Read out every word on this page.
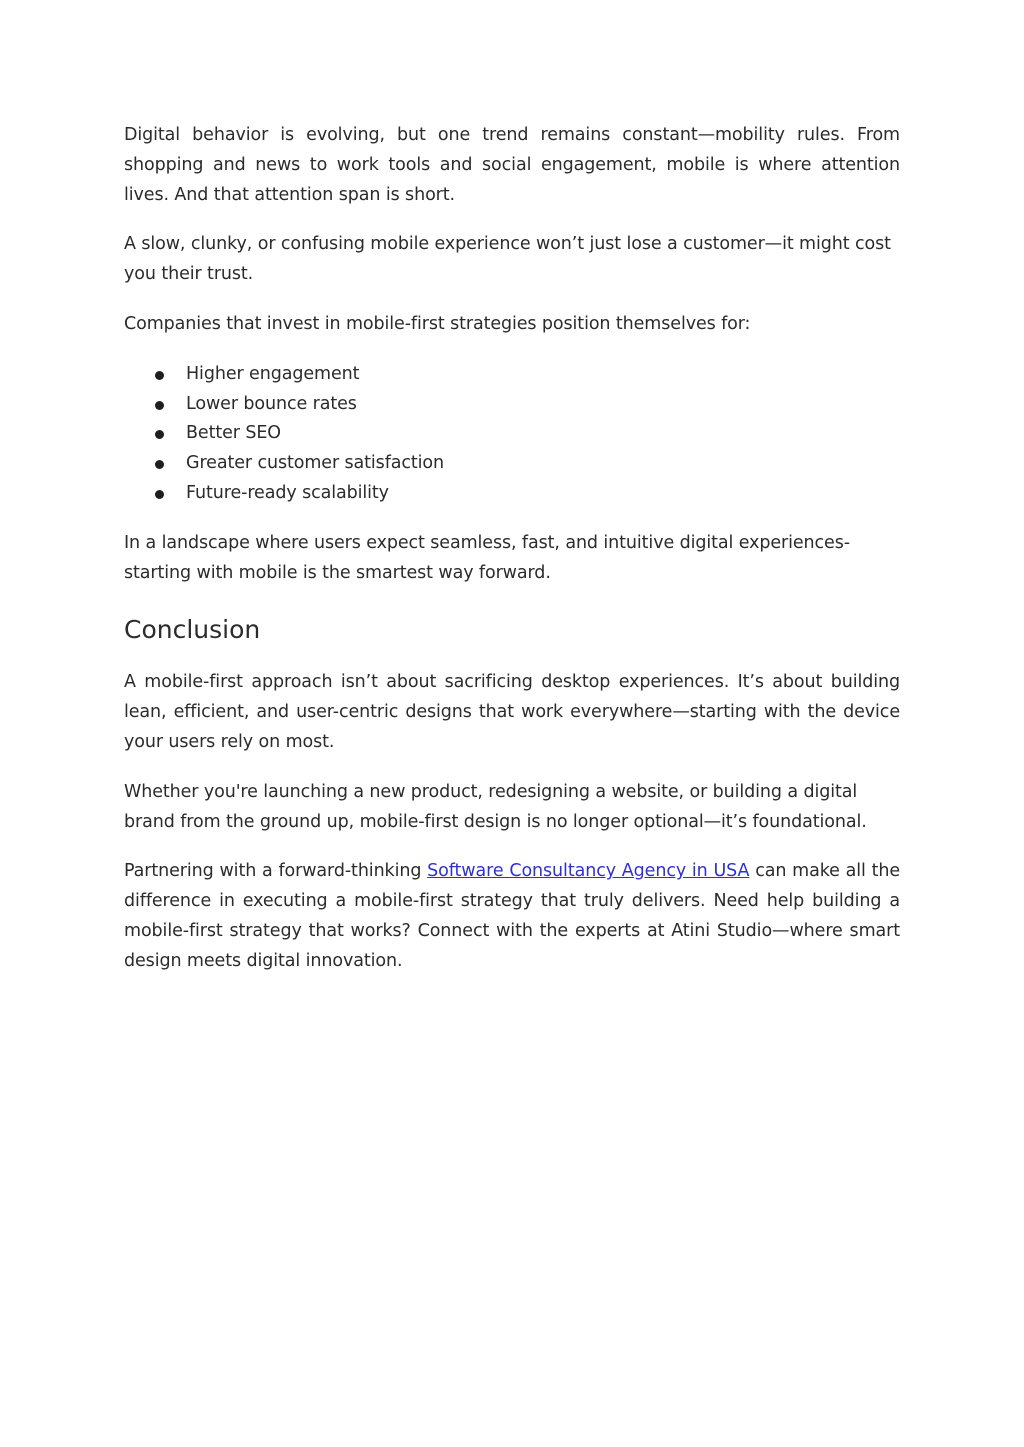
Digital behavior is evolving, but one trend remains constant—mobility rules. From shopping and news to work tools and social engagement, mobile is where attention lives. And that attention span is short.

A slow, clunky, or confusing mobile experience won’t just lose a customer—it might cost you their trust.

Companies that invest in mobile-first strategies position themselves for:

Higher engagement
Lower bounce rates
Better SEO
Greater customer satisfaction
Future-ready scalability

In a landscape where users expect seamless, fast, and intuitive digital experiences- starting with mobile is the smartest way forward.

Conclusion

A mobile-first approach isn’t about sacrificing desktop experiences. It’s about building lean, efficient, and user-centric designs that work everywhere—starting with the device your users rely on most.

Whether you're launching a new product, redesigning a website, or building a digital brand from the ground up, mobile-first design is no longer optional—it’s foundational.

Partnering with a forward-thinking Software Consultancy Agency in USA can make all the difference in executing a mobile-first strategy that truly delivers. Need help building a mobile-first strategy that works? Connect with the experts at Atini Studio—where smart design meets digital innovation.
